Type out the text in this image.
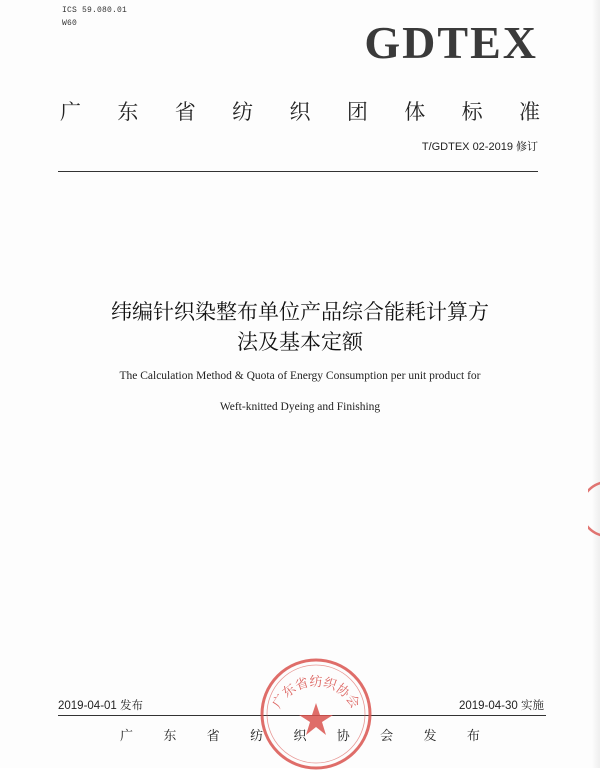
ICS 59.080.01
W60	GDTEX
广 东 省 纺 织 团 体 标 准
T/GDTEX 02-2019 修订
纬编针织染整布单位产品综合能耗计算方
法及基本定额
The Calculation Method & Quota of Energy Consumption per unit product for
Weft-knitted Dyeing and Finishing
2019-04-01 发布	2019-04-30 实施
广 东 省 纺 织 协 会 发 布
广东省纺织协会
